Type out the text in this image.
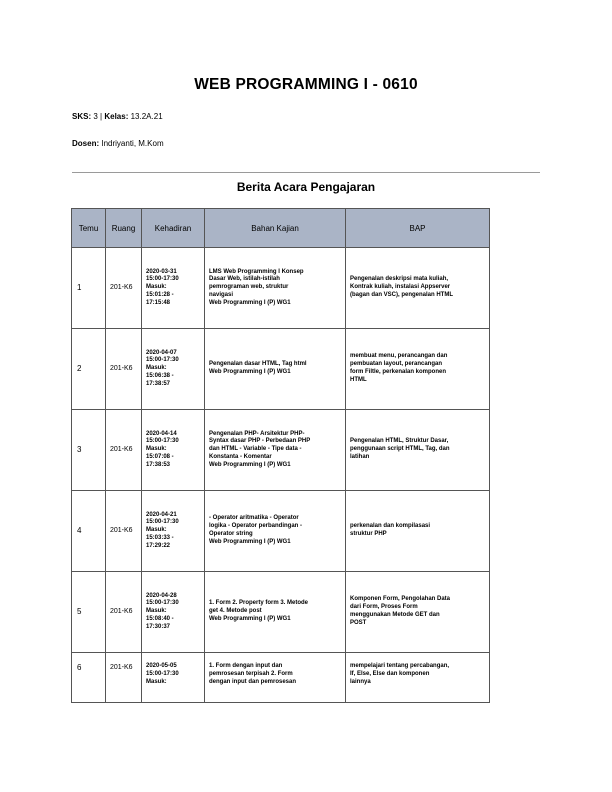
WEB PROGRAMMING I - 0610
SKS: 3 | Kelas: 13.2A.21
Dosen: Indriyanti, M.Kom
Berita Acara Pengajaran
Temu	Ruang	Kehadiran	Bahan Kajian	BAP
1	201-K6	2020-03-31
15:00-17:30
Masuk:
15:01:28 -
17:15:48	LMS Web Programming I Konsep
Dasar Web, istilah-istilah
pemrograman web, struktur
navigasi
Web Programming I (P) WG1	Pengenalan deskripsi mata kuliah,
Kontrak kuliah, instalasi Appserver
(bagan dan VSC), pengenalan HTML

2	201-K6	2020-04-07
15:00-17:30
Masuk:
15:06:38 -
17:38:57	Pengenalan dasar HTML, Tag html
Web Programming I (P) WG1	membuat menu, perancangan dan
pembuatan layout, perancangan
form Filtle, perkenalan komponen
HTML

3	201-K6	2020-04-14
15:00-17:30
Masuk:
15:07:08 -
17:38:53	Pengenalan PHP- Arsitektur PHP-
Syntax dasar PHP - Perbedaan PHP
dan HTML - Variable - Tipe data -
Konstanta - Komentar
Web Programming I (P) WG1	Pengenalan HTML, Struktur Dasar,
penggunaan script HTML, Tag, dan
latihan

4	201-K6	2020-04-21
15:00-17:30
Masuk:
15:03:33 -
17:29:22	- Operator aritmatika - Operator
logika - Operator perbandingan -
Operator string
Web Programming I (P) WG1	perkenalan dan kompilasasi
struktur PHP

5	201-K6	2020-04-28
15:00-17:30
Masuk:
15:08:40 -
17:30:37	1. Form 2. Property form 3. Metode
get 4. Metode post
Web Programming I (P) WG1	Komponen Form, Pengolahan Data
dari Form, Proses Form
menggunakan Metode GET dan
POST

6	201-K6	2020-05-05
15:00-17:30
Masuk:	1. Form dengan input dan
pemrosesan terpisah 2. Form
dengan input dan pemrosesan	mempelajari tentang percabangan,
If, Else, Else dan komponen
lainnya
